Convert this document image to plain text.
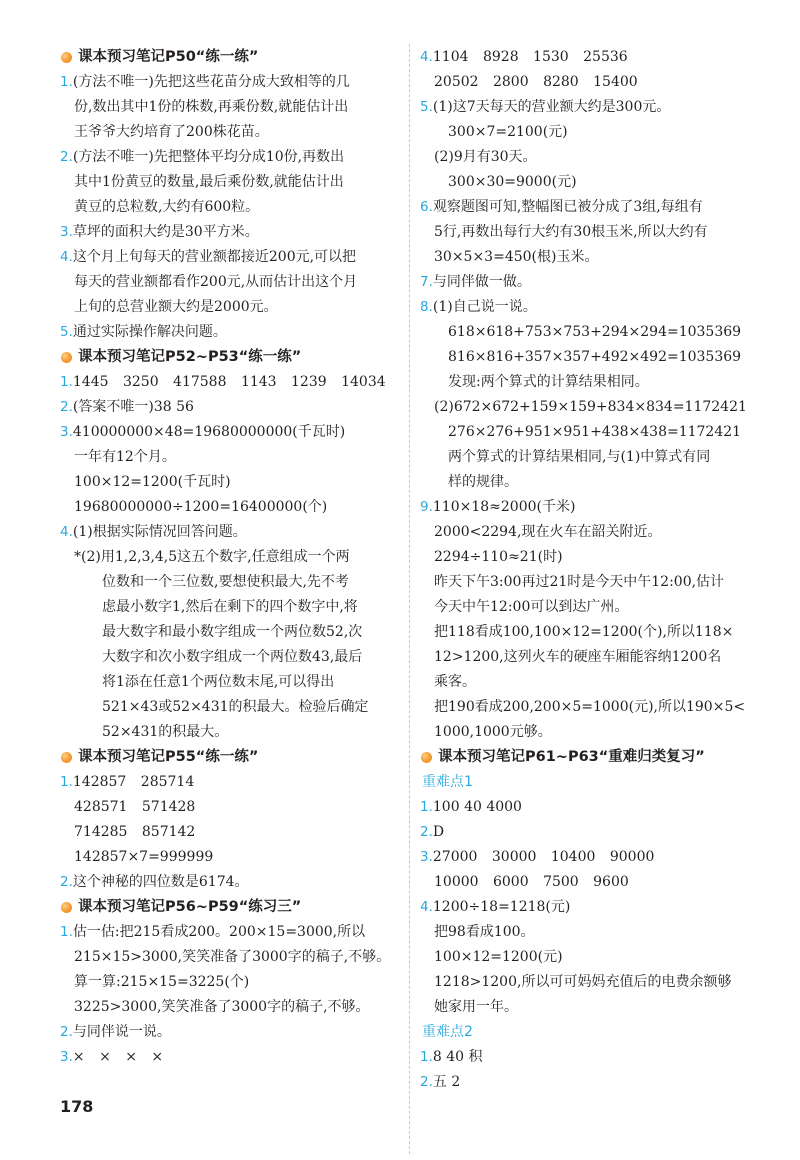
课本预习笔记P50“练一练”
1.(方法不唯一)先把这些花苗分成大致相等的几
份,数出其中1份的株数,再乘份数,就能估计出
王爷爷大约培育了200株花苗。
2.(方法不唯一)先把整体平均分成10份,再数出
其中1份黄豆的数量,最后乘份数,就能估计出
黄豆的总粒数,大约有600粒。
3.草坪的面积大约是30平方米。
4.这个月上旬每天的营业额都接近200元,可以把
每天的营业额都看作200元,从而估计出这个月
上旬的总营业额大约是2000元。
5.通过实际操作解决问题。
课本预习笔记P52~P53“练一练”
1.1445 3250 417588 1143 1239 14034
2.(答案不唯一)38 56
3.410000000×48=19680000000(千瓦时)
一年有12个月。
100×12=1200(千瓦时)
19680000000÷1200=16400000(个)
4.(1)根据实际情况回答问题。
*(2)用1,2,3,4,5这五个数字,任意组成一个两
位数和一个三位数,要想使积最大,先不考
虑最小数字1,然后在剩下的四个数字中,将
最大数字和最小数字组成一个两位数52,次
大数字和次小数字组成一个两位数43,最后
将1添在任意1个两位数末尾,可以得出
521×43或52×431的积最大。检验后确定
52×431的积最大。
课本预习笔记P55“练一练”
1.142857 285714
428571 571428
714285 857142
142857×7=999999
2.这个神秘的四位数是6174。
课本预习笔记P56~P59“练习三”
1.估一估:把215看成200。200×15=3000,所以
215×15>3000,笑笑准备了3000字的稿子,不够。
算一算:215×15=3225(个)
3225>3000,笑笑准备了3000字的稿子,不够。
2.与同伴说一说。
3.× × × ×
4.1104 8928 1530 25536
20502 2800 8280 15400
5.(1)这7天每天的营业额大约是300元。
300×7=2100(元)
(2)9月有30天。
300×30=9000(元)
6.观察题图可知,整幅图已被分成了3组,每组有
5行,再数出每行大约有30根玉米,所以大约有
30×5×3=450(根)玉米。
7.与同伴做一做。
8.(1)自己说一说。
618×618+753×753+294×294=1035369
816×816+357×357+492×492=1035369
发现:两个算式的计算结果相同。
(2)672×672+159×159+834×834=1172421
276×276+951×951+438×438=1172421
两个算式的计算结果相同,与(1)中算式有同
样的规律。
9.110×18≈2000(千米)
2000<2294,现在火车在韶关附近。
2294÷110≈21(时)
昨天下午3:00再过21时是今天中午12:00,估计
今天中午12:00可以到达广州。
把118看成100,100×12=1200(个),所以118×
12>1200,这列火车的硬座车厢能容纳1200名
乘客。
把190看成200,200×5=1000(元),所以190×5<
1000,1000元够。
课本预习笔记P61~P63“重难归类复习”
重难点1
1.100 40 4000
2.D
3.27000 30000 10400 90000
10000 6000 7500 9600
4.1200÷18=1218(元)
把98看成100。
100×12=1200(元)
1218>1200,所以可可妈妈充值后的电费余额够
她家用一年。
重难点2
1.8 40 积
2.五 2
178
